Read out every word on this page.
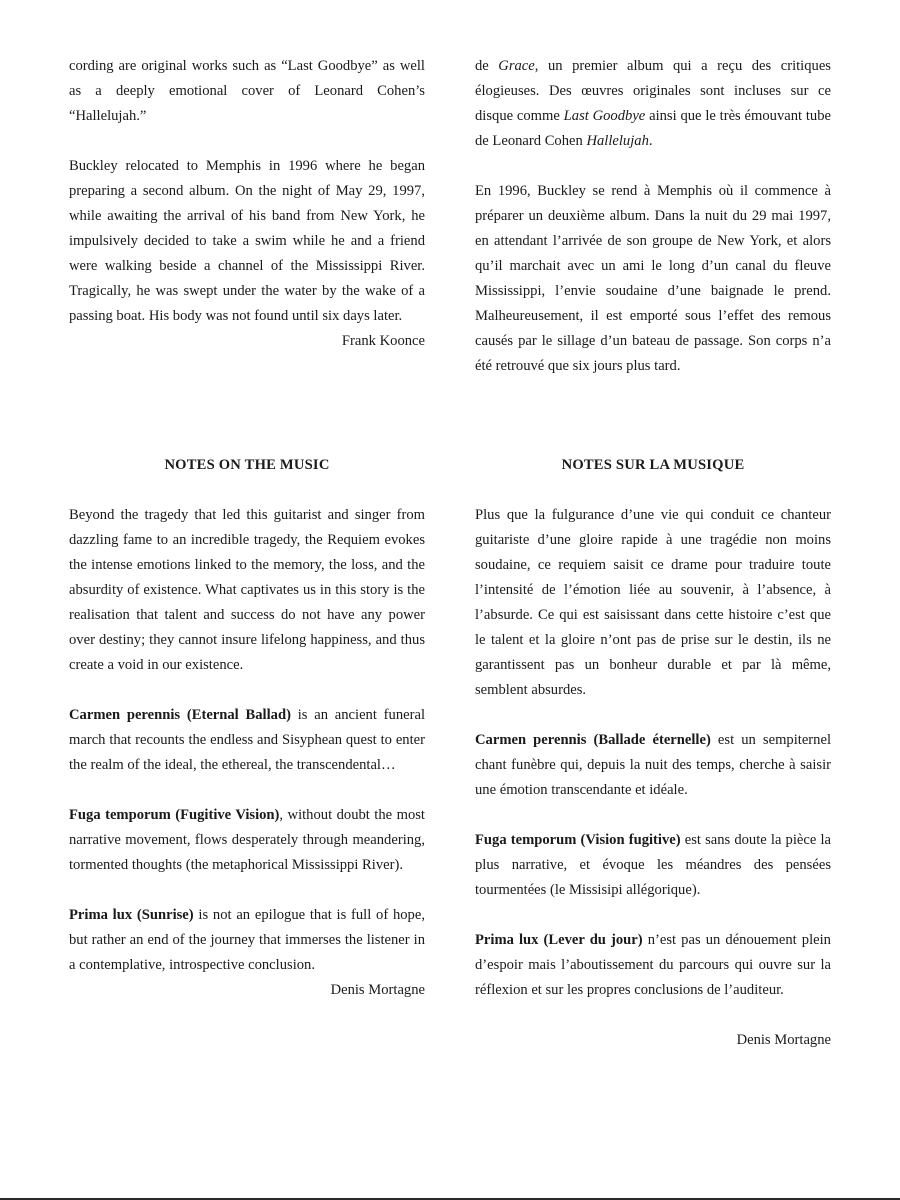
cording are original works such as “Last Goodbye” as well as a deeply emotional cover of Leonard Cohen’s “Hallelujah.”

Buckley relocated to Memphis in 1996 where he began preparing a second album. On the night of May 29, 1997, while awaiting the arrival of his band from New York, he impulsively decided to take a swim while he and a friend were walking beside a channel of the Mississippi River. Tragically, he was swept under the water by the wake of a passing boat. His body was not found until six days later.

Frank Koonce

de Grace, un premier album qui a reçu des critiques élogieuses. Des œuvres originales sont incluses sur ce disque comme Last Goodbye ainsi que le très émouvant tube de Leonard Cohen Hallelujah.

En 1996, Buckley se rend à Memphis où il commence à préparer un deuxième album. Dans la nuit du 29 mai 1997, en attendant l’arrivée de son groupe de New York, et alors qu’il marchait avec un ami le long d’un canal du fleuve Mississippi, l’envie soudaine d’une baignade le prend. Malheureusement, il est emporté sous l’effet des remous causés par le sillage d’un bateau de passage. Son corps n’a été retrouvé que six jours plus tard.

NOTES ON THE MUSIC

Beyond the tragedy that led this guitarist and singer from dazzling fame to an incredible tragedy, the Requiem evokes the intense emotions linked to the memory, the loss, and the absurdity of existence. What captivates us in this story is the realisation that talent and success do not have any power over destiny; they cannot insure lifelong happiness, and thus create a void in our existence.

Carmen perennis (Eternal Ballad) is an ancient funeral march that recounts the endless and Sisyphean quest to enter the realm of the ideal, the ethereal, the transcendental…

Fuga temporum (Fugitive Vision), without doubt the most narrative movement, flows desperately through meandering, tormented thoughts (the metaphorical Mississippi River).

Prima lux (Sunrise) is not an epilogue that is full of hope, but rather an end of the journey that immerses the listener in a contemplative, introspective conclusion.

Denis Mortagne
NOTES SUR LA MUSIQUE

Plus que la fulgurance d’une vie qui conduit ce chanteur guitariste d’une gloire rapide à une tragédie non moins soudaine, ce requiem saisit ce drame pour traduire toute l’intensité de l’émotion liée au souvenir, à l’absence, à l’absurde. Ce qui est saisissant dans cette histoire c’est que le talent et la gloire n’ont pas de prise sur le destin, ils ne garantissent pas un bonheur durable et par là même, semblent absurdes.

Carmen perennis (Ballade éternelle) est un sempiternel chant funèbre qui, depuis la nuit des temps, cherche à saisir une émotion transcendante et idéale.

Fuga temporum (Vision fugitive) est sans doute la pièce la plus narrative, et évoque les méandres des pensées tourmentées (le Missisipi allégorique).

Prima lux (Lever du jour) n’est pas un dénouement plein d’espoir mais l’aboutissement du parcours qui ouvre sur la réflexion et sur les propres conclusions de l’auditeur.

Denis Mortagne
